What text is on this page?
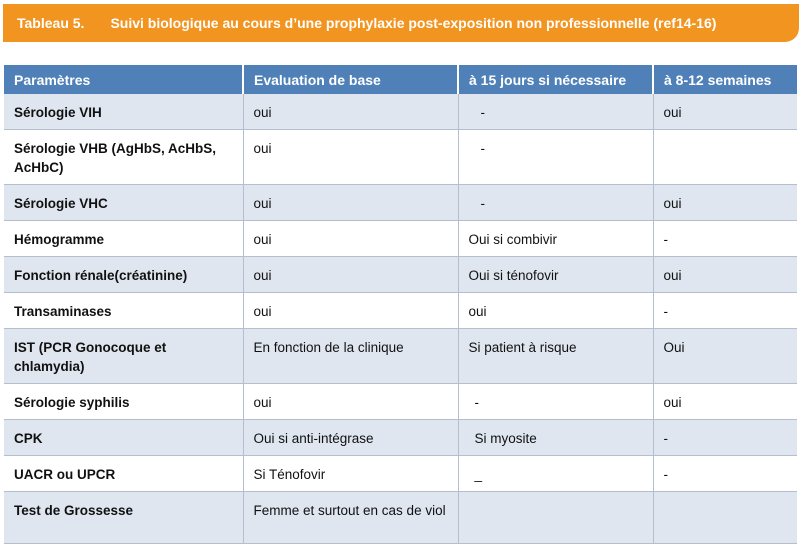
Tableau 5. Suivi biologique au cours d’une prophylaxie post-exposition non professionnelle (ref14-16)
Paramètres	Evaluation de base	à 15 jours si nécessaire	à 8-12 semaines
Sérologie VIH	oui	-	oui
Sérologie VHB (AgHbS, AcHbS, AcHbC)	oui	-	
Sérologie VHC	oui	-	oui
Hémogramme	oui	Oui si combivir	-
Fonction rénale(créatinine)	oui	Oui si ténofovir	oui
Transaminases	oui	oui	-
IST (PCR Gonocoque et chlamydia)	En fonction de la clinique	Si patient à risque	Oui
Sérologie syphilis	oui	-	oui
CPK	Oui si anti-intégrase	Si myosite	-
UACR ou UPCR	Si Ténofovir	_	-
Test de Grossesse	Femme et surtout en cas de viol		
